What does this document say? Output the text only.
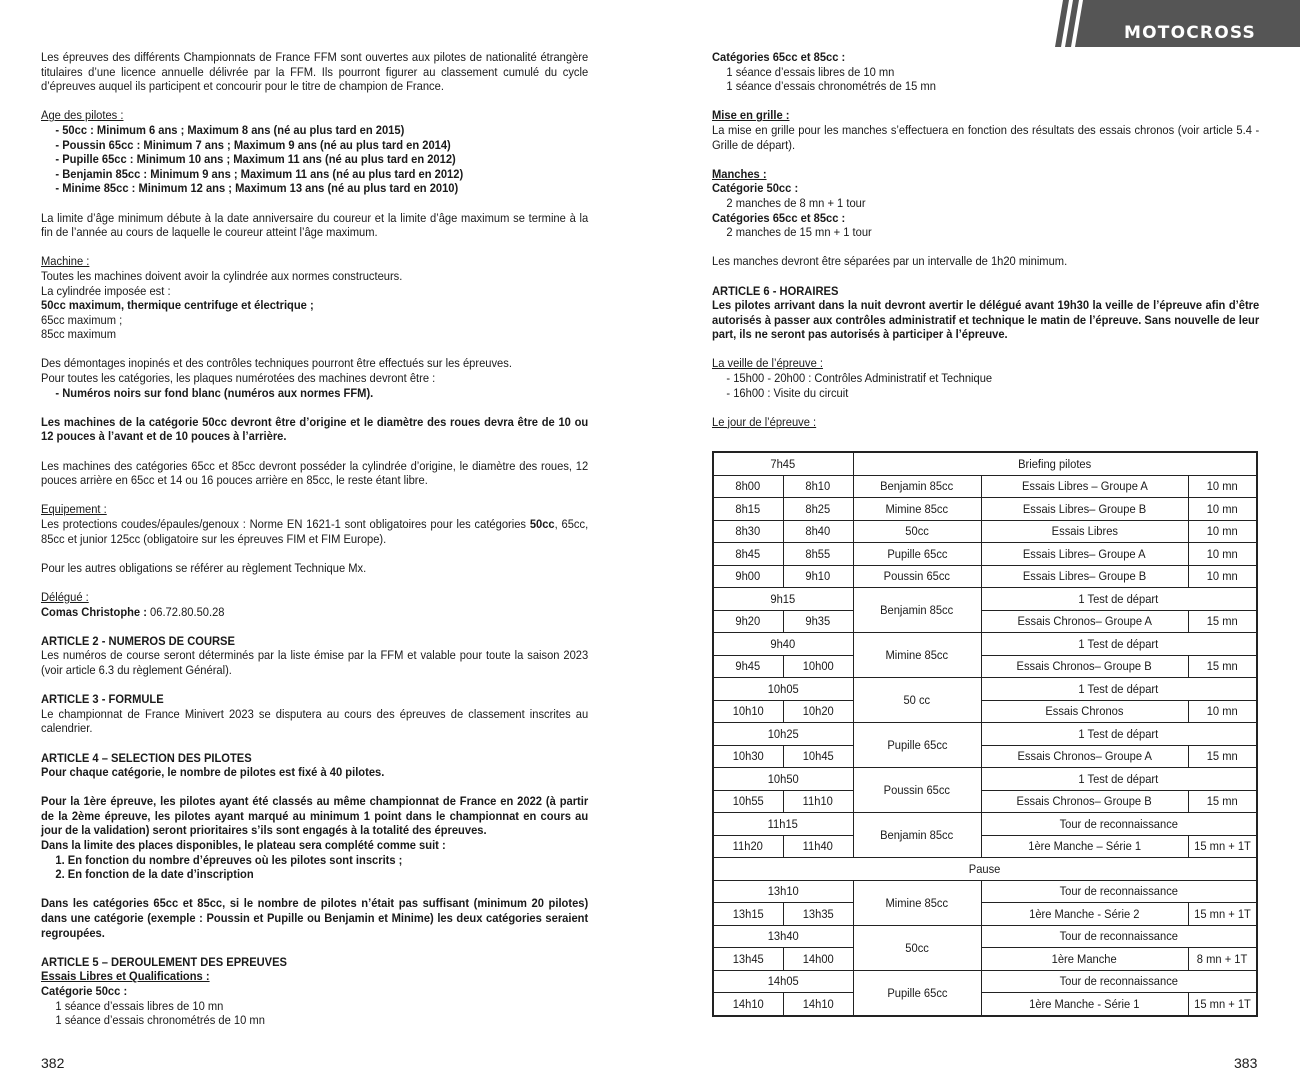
MOTOCROSS

Les épreuves des différents Championnats de France FFM sont ouvertes aux pilotes de nationalité étrangère titulaires d’une licence annuelle délivrée par la FFM. Ils pourront figurer au classement cumulé du cycle d’épreuves auquel ils participent et concourir pour le titre de champion de France.

Age des pilotes :

- 50cc : Minimum 6 ans ; Maximum 8 ans (né au plus tard en 2015)

- Poussin 65cc : Minimum 7 ans ; Maximum 9 ans (né au plus tard en 2014)

- Pupille 65cc : Minimum 10 ans ; Maximum 11 ans (né au plus tard en 2012)

- Benjamin 85cc : Minimum 9 ans ; Maximum 11 ans (né au plus tard en 2012)

- Minime 85cc : Minimum 12 ans ; Maximum 13 ans (né au plus tard en 2010)

La limite d’âge minimum débute à la date anniversaire du coureur et la limite d’âge maximum se termine à la fin de l’année au cours de laquelle le coureur atteint l’âge maximum.

Machine :

Toutes les machines doivent avoir la cylindrée aux normes constructeurs.

La cylindrée imposée est :

50cc maximum, thermique centrifuge et électrique ;

65cc maximum ;

85cc maximum

Des démontages inopinés et des contrôles techniques pourront être effectués sur les épreuves.

Pour toutes les catégories, les plaques numérotées des machines devront être :

- Numéros noirs sur fond blanc (numéros aux normes FFM).

Les machines de la catégorie 50cc devront être d’origine et le diamètre des roues devra être de 10 ou 12 pouces à l’avant et de 10 pouces à l’arrière.

Les machines des catégories 65cc et 85cc devront posséder la cylindrée d’origine, le diamètre des roues, 12 pouces arrière en 65cc et 14 ou 16 pouces arrière en 85cc, le reste étant libre.

Equipement :

Les protections coudes/épaules/genoux : Norme EN 1621-1 sont obligatoires pour les catégories 50cc, 65cc, 85cc et junior 125cc (obligatoire sur les épreuves FIM et FIM Europe).

Pour les autres obligations se référer au règlement Technique Mx.

Délégué :

Comas Christophe : 06.72.80.50.28

ARTICLE 2 - NUMEROS DE COURSE

Les numéros de course seront déterminés par la liste émise par la FFM et valable pour toute la saison 2023 (voir article 6.3 du règlement Général).

ARTICLE 3 - FORMULE

Le championnat de France Minivert 2023 se disputera au cours des épreuves de classement inscrites au calendrier.

ARTICLE 4 – SELECTION DES PILOTES

Pour chaque catégorie, le nombre de pilotes est fixé à 40 pilotes.

Pour la 1ère épreuve, les pilotes ayant été classés au même championnat de France en 2022 (à partir de la 2ème épreuve, les pilotes ayant marqué au minimum 1 point dans le championnat en cours au jour de la validation) seront prioritaires s’ils sont engagés à la totalité des épreuves.

Dans la limite des places disponibles, le plateau sera complété comme suit :

1. En fonction du nombre d’épreuves où les pilotes sont inscrits ;

2. En fonction de la date d’inscription

Dans les catégories 65cc et 85cc, si le nombre de pilotes n’était pas suffisant (minimum 20 pilotes) dans une catégorie (exemple : Poussin et Pupille ou Benjamin et Minime) les deux catégories seraient regroupées.

ARTICLE 5 – DEROULEMENT DES EPREUVES

Essais Libres et Qualifications :

Catégorie 50cc :

1 séance d’essais libres de 10 mn

1 séance d’essais chronométrés de 10 mn

382

Catégories 65cc et 85cc :

1 séance d’essais libres de 10 mn

1 séance d’essais chronométrés de 15 mn

Mise en grille :

La mise en grille pour les manches s’effectuera en fonction des résultats des essais chronos (voir article 5.4 - Grille de départ).

Manches :

Catégorie 50cc :

2 manches de 8 mn + 1 tour

Catégories 65cc et 85cc :

2 manches de 15 mn + 1 tour

Les manches devront être séparées par un intervalle de 1h20 minimum.

ARTICLE 6 - HORAIRES

Les pilotes arrivant dans la nuit devront avertir le délégué avant 19h30 la veille de l’épreuve afin d’être autorisés à passer aux contrôles administratif et technique le matin de l’épreuve. Sans nouvelle de leur part, ils ne seront pas autorisés à participer à l’épreuve.

La veille de l’épreuve :

- 15h00 - 20h00 : Contrôles Administratif et Technique

- 16h00 : Visite du circuit

Le jour de l’épreuve :

7h45		Briefing pilotes		
8h00	8h10	Benjamin 85cc	Essais Libres – Groupe A	10 mn
8h15	8h25	Mimine 85cc	Essais Libres– Groupe B	10 mn
8h30	8h40	50cc	Essais Libres	10 mn
8h45	8h55	Pupille 65cc	Essais Libres– Groupe A	10 mn
9h00	9h10	Poussin 65cc	Essais Libres– Groupe B	10 mn
9h15		Benjamin 85cc	1 Test de départ	
9h20	9h35		Essais Chronos– Groupe A	15 mn
9h40		Mimine 85cc	1 Test de départ	
9h45	10h00		Essais Chronos– Groupe B	15 mn
10h05		50 cc	1 Test de départ	
10h10	10h20		Essais Chronos	10 mn
10h25		Pupille 65cc	1 Test de départ	
10h30	10h45		Essais Chronos– Groupe A	15 mn
10h50		Poussin 65cc	1 Test de départ	
10h55	11h10		Essais Chronos– Groupe B	15 mn
11h15		Benjamin 85cc	Tour de reconnaissance	
11h20	11h40		1ère Manche – Série 1	15 mn + 1T
Pause				
13h10		Mimine 85cc	Tour de reconnaissance	
13h15	13h35		1ère Manche - Série 2	15 mn + 1T
13h40		50cc	Tour de reconnaissance	
13h45	14h00		1ère Manche	8 mn + 1T
14h05		Pupille 65cc	Tour de reconnaissance	
14h10	14h10		1ère Manche - Série 1	15 mn + 1T
383
